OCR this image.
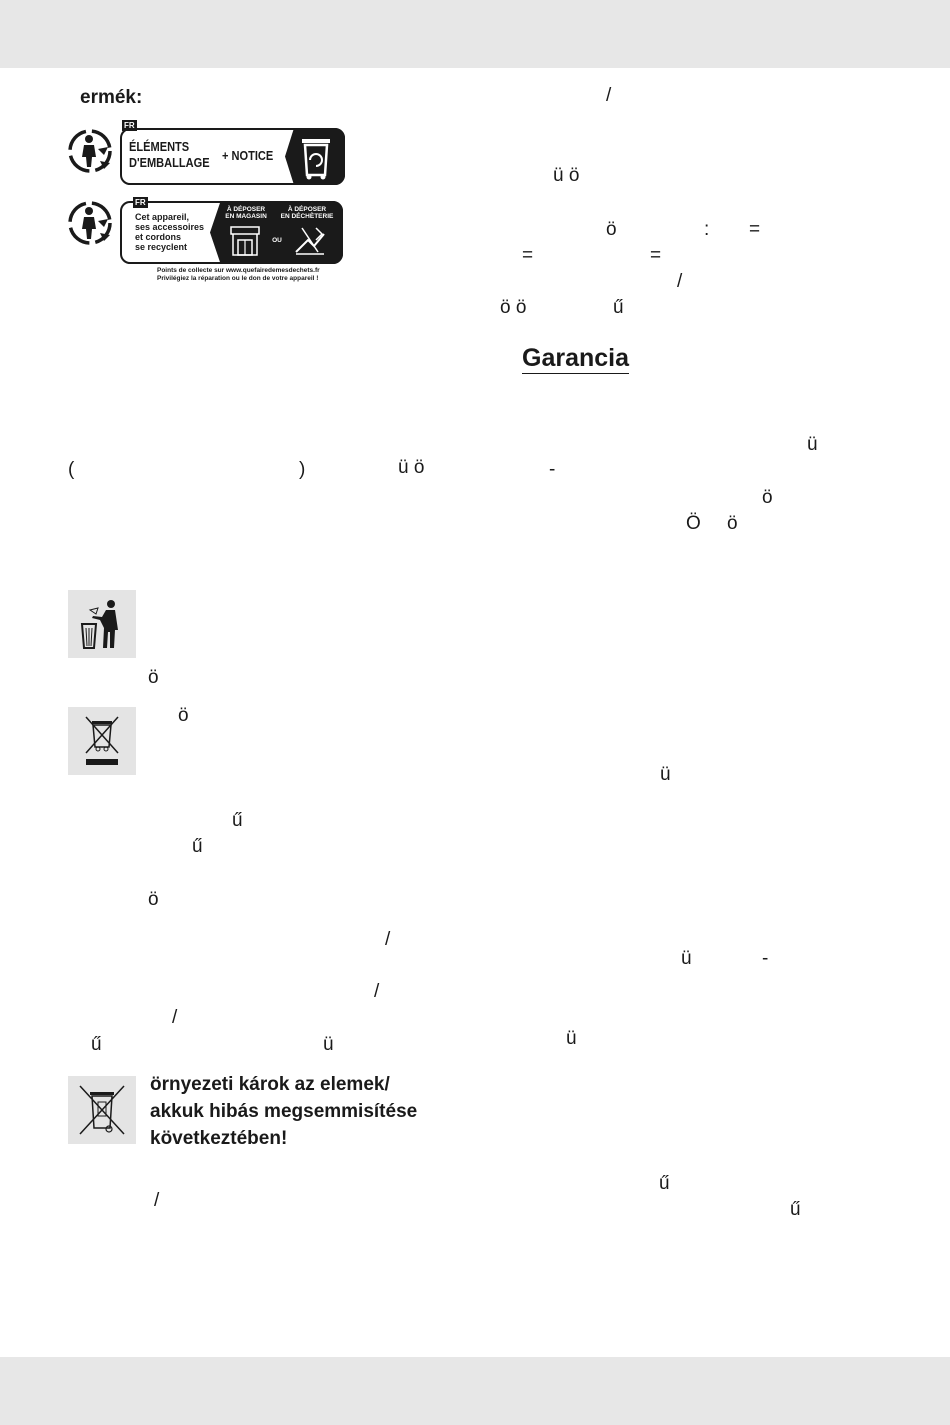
ermék:
FR
ÉLÉMENTS
D'EMBALLAGE + NOTICE
FR
Cet appareil,
ses accessoires
et cordons
se recyclent
À DÉPOSER
EN MAGASIN
À DÉPOSER
EN DÉCHÈTERIE
OU
Points de collecte sur www.quefairedemesdechets.fr
Privilégiez la réparation ou le don de votre appareil !
(	)	ü ö
ö
ö
ű
ű
ö
/
/
/
ű	ü
örnyezeti károk az elemek/
akkuk hibás megsemmisítése
következtében!
/
/
ü ö
ö	: =
=	=
/
ö ö	ű
Garancia
ü
-
ö
Ö ö
ü
ü	-
ü
ű
ű
